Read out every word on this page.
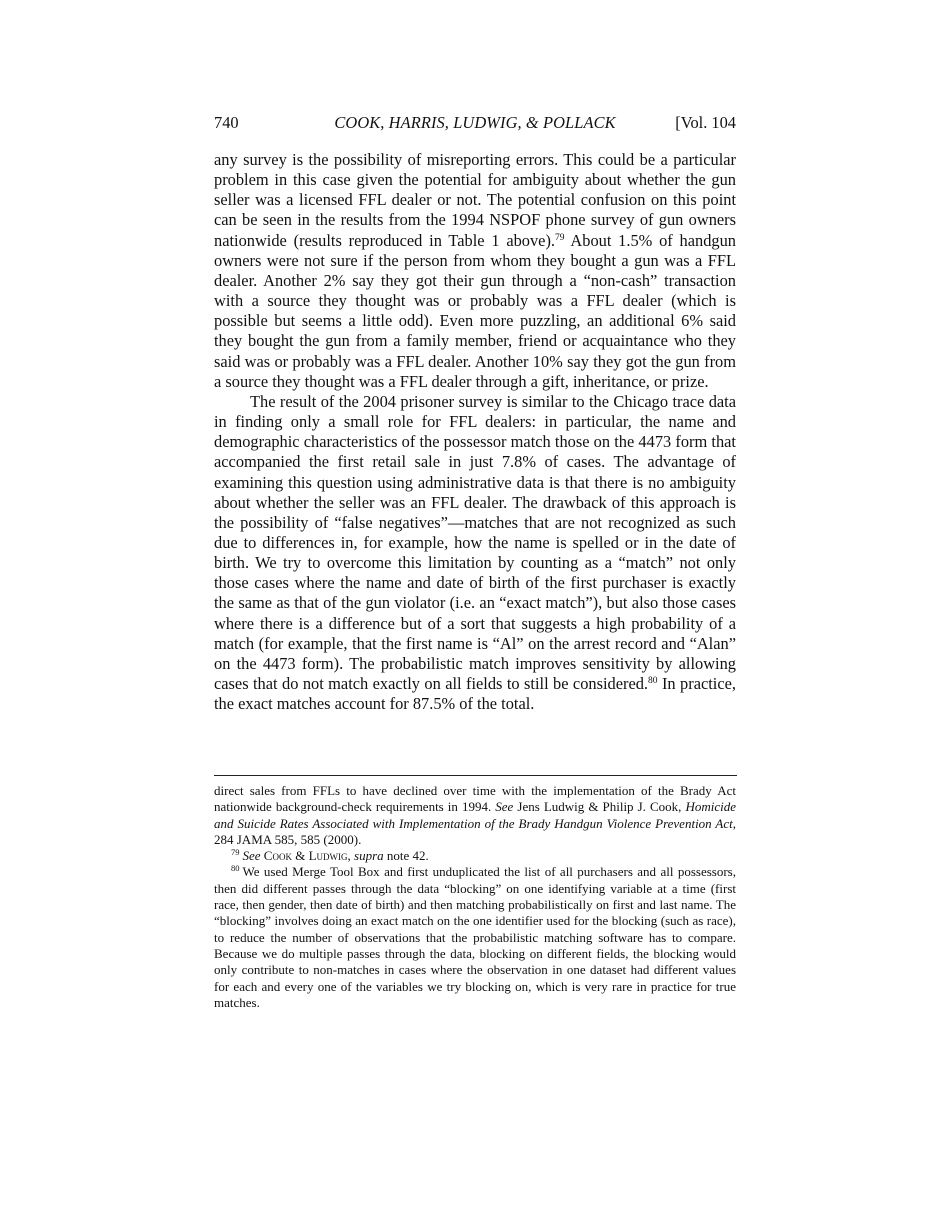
740	COOK, HARRIS, LUDWIG, & POLLACK	[Vol. 104

any survey is the possibility of misreporting errors. This could be a particular problem in this case given the potential for ambiguity about whether the gun seller was a licensed FFL dealer or not. The potential confusion on this point can be seen in the results from the 1994 NSPOF phone survey of gun owners nationwide (results reproduced in Table 1 above).$^{79}$ About 1.5% of handgun owners were not sure if the person from whom they bought a gun was a FFL dealer. Another 2% say they got their gun through a “non-cash” transaction with a source they thought was or probably was a FFL dealer (which is possible but seems a little odd). Even more puzzling, an additional 6% said they bought the gun from a family member, friend or acquaintance who they said was or probably was a FFL dealer. Another 10% say they got the gun from a source they thought was a FFL dealer through a gift, inheritance, or prize.

The result of the 2004 prisoner survey is similar to the Chicago trace data in finding only a small role for FFL dealers: in particular, the name and demographic characteristics of the possessor match those on the 4473 form that accompanied the first retail sale in just 7.8% of cases. The advantage of examining this question using administrative data is that there is no ambiguity about whether the seller was an FFL dealer. The drawback of this approach is the possibility of “false negatives”—matches that are not recognized as such due to differences in, for example, how the name is spelled or in the date of birth. We try to overcome this limitation by counting as a “match” not only those cases where the name and date of birth of the first purchaser is exactly the same as that of the gun violator (i.e. an “exact match”), but also those cases where there is a difference but of a sort that suggests a high probability of a match (for example, that the first name is “Al” on the arrest record and “Alan” on the 4473 form). The probabilistic match improves sensitivity by allowing cases that do not match exactly on all fields to still be considered.$^{80}$ In practice, the exact matches account for 87.5% of the total.

direct sales from FFLs to have declined over time with the implementation of the Brady Act nationwide background-check requirements in 1994. See Jens Ludwig & Philip J. Cook, Homicide and Suicide Rates Associated with Implementation of the Brady Handgun Violence Prevention Act, 284 JAMA 585, 585 (2000).

$^{79}$ See Cook & Ludwig, supra note 42.

$^{80}$ We used Merge Tool Box and first unduplicated the list of all purchasers and all possessors, then did different passes through the data “blocking” on one identifying variable at a time (first race, then gender, then date of birth) and then matching probabilistically on first and last name. The “blocking” involves doing an exact match on the one identifier used for the blocking (such as race), to reduce the number of observations that the probabilistic matching software has to compare. Because we do multiple passes through the data, blocking on different fields, the blocking would only contribute to non-matches in cases where the observation in one dataset had different values for each and every one of the variables we try blocking on, which is very rare in practice for true matches.
